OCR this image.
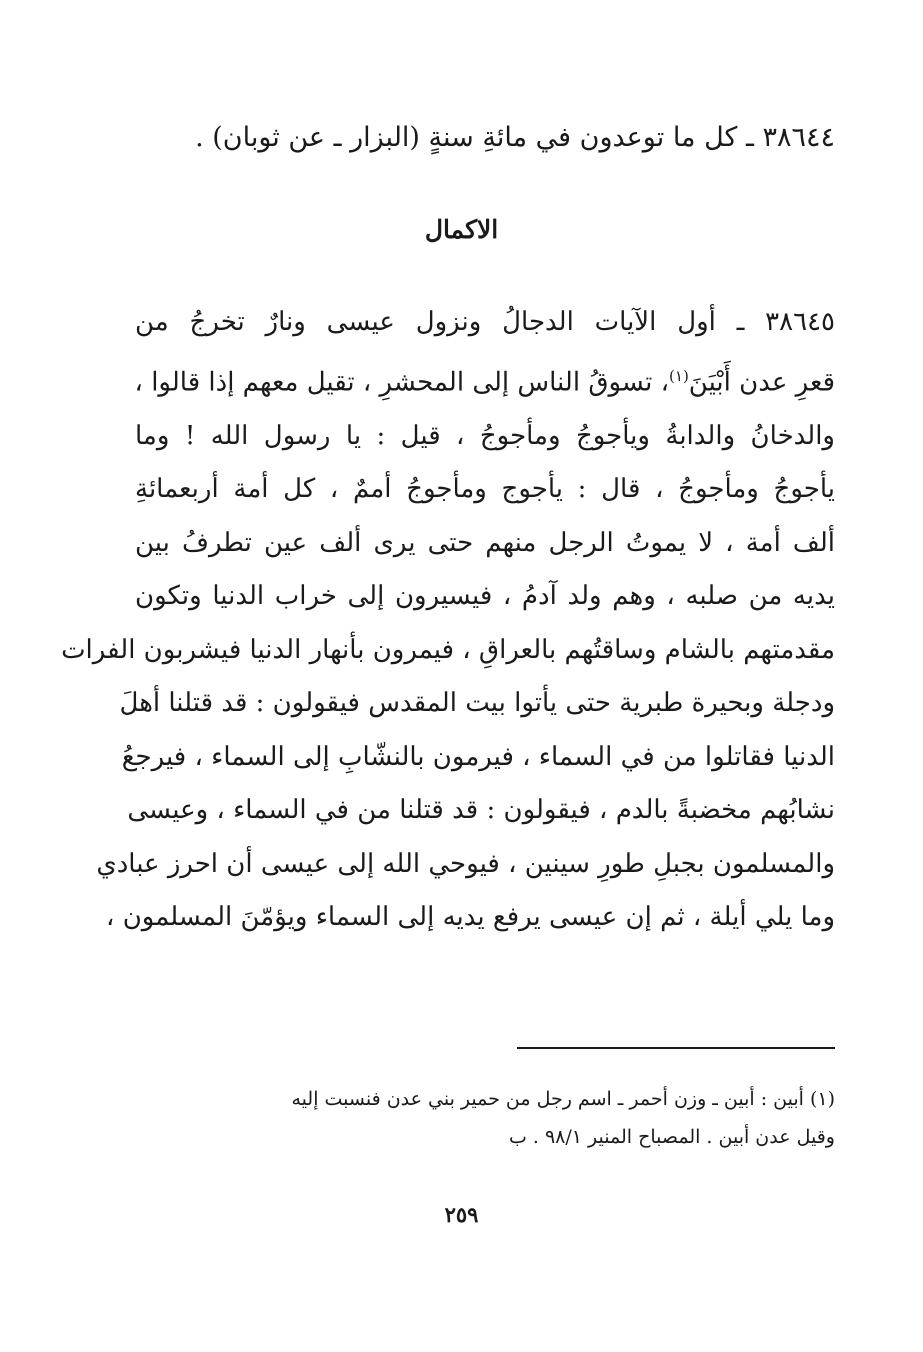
٣٨٦٤٤ ـ كل ما توعدون في مائةِ سنةٍ (البزار ـ عن ثوبان) .
الاكمال
٣٨٦٤٥ ـ أول الآيات الدجالُ ونزول عيسى ونارٌ تخرجُ من
قعرِ عدن أَبْيَنَ$^{(١)}$، تسوقُ الناس إلى المحشرِ ، تقيل معهم إذا قالوا ،
والدخانُ والدابةُ ويأجوجُ ومأجوجُ ، قيل : يا رسول الله ! وما
يأجوجُ ومأجوجُ ، قال : يأجوج ومأجوجُ أممٌ ، كل أمة أربعمائةِ
ألف أمة ، لا يموتُ الرجل منهم حتى يرى ألف عين تطرفُ بين
يديه من صلبه ، وهم ولد آدمُ ، فيسيرون إلى خراب الدنيا وتكون
مقدمتهم بالشام وساقتُهم بالعراقِ ، فيمرون بأنهار الدنيا فيشربون الفرات
ودجلة وبحيرة طبرية حتى يأتوا بيت المقدس فيقولون : قد قتلنا أهلَ
الدنيا فقاتلوا من في السماء ، فيرمون بالنشّابِ إلى السماء ، فيرجعُ
نشابُهم مخضبةً بالدم ، فيقولون : قد قتلنا من في السماء ، وعيسى
والمسلمون بجبلِ طورِ سينين ، فيوحي الله إلى عيسى أن احرز عبادي
وما يلي أيلة ، ثم إن عيسى يرفع يديه إلى السماء ويؤمّنَ المسلمون ،
(١) أبين : أبين ـ وزن أحمر ـ اسم رجل من حمير بني عدن فنسبت إليه
وقيل عدن أبين . المصباح المنير ٩٨/١ . ب
٢٥٩
